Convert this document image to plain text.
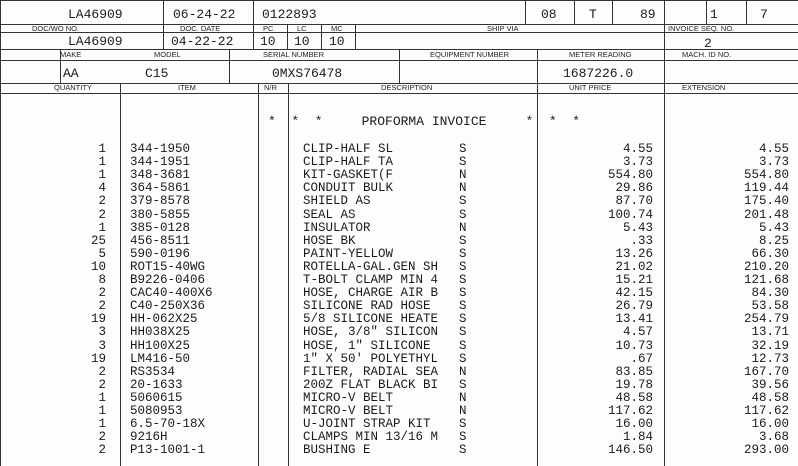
LA46909	06-24-22 0122893	08 T	89	1	7
DOC/WO NO.	DOC. DATE	PC	LC	MC	SHIP VIA	INVOICE SEQ. NO.
LA46909	04-22-22 10 10 10	2
MAKE	MODEL	SERIAL NUMBER	EQUIPMENT NUMBER	METER READING	MACH. ID NO.
AA	C15	0MXS76478	1687226.0
QUANTITY	ITEM	N/R	DESCRIPTION	UNIT PRICE	EXTENSION
*  *  *     PROFORMA INVOICE     *  *  *
1 344-1950	CLIP-HALF SL	S	4.55	4.55
1 344-1951	CLIP-HALF TA	S	3.73	3.73
1 348-3681	KIT-GASKET(F	N	554.80	554.80
4 364-5861	CONDUIT BULK	N	29.86	119.44
2 379-8578	SHIELD AS	S	87.70	175.40
2 380-5855	SEAL AS	S	100.74	201.48
1 385-0128	INSULATOR	N	5.43	5.43
25 456-8511	HOSE BK	S	.33	8.25
5 590-0196	PAINT-YELLOW	S	13.26	66.30
10 ROT15-40WG	ROTELLA-GAL.GEN SH	S	21.02	210.20
8 B9226-0406	T-BOLT CLAMP MIN 4	S	15.21	121.68
2 CAC40-400X6	HOSE, CHARGE AIR B	S	42.15	84.30
2 C40-250X36	SILICONE RAD HOSE	S	26.79	53.58
19 HH-062X25	5/8 SILICONE HEATE	S	13.41	254.79
3 HH038X25	HOSE, 3/8" SILICON	S	4.57	13.71
3 HH100X25	HOSE, 1" SILICONE	S	10.73	32.19
19 LM416-50	1" X 50' POLYETHYL	S	.67	12.73
2 RS3534	FILTER, RADIAL SEA	N	83.85	167.70
2 20-1633	200Z FLAT BLACK BI	S	19.78	39.56
1 5060615	MICRO-V BELT	N	48.58	48.58
1 5080953	MICRO-V BELT	N	117.62	117.62
1 6.5-70-18X	U-JOINT STRAP KIT	S	16.00	16.00
2 9216H	CLAMPS MIN 13/16 M	S	1.84	3.68
2 P13-1001-1	BUSHING E	S	146.50	293.00
